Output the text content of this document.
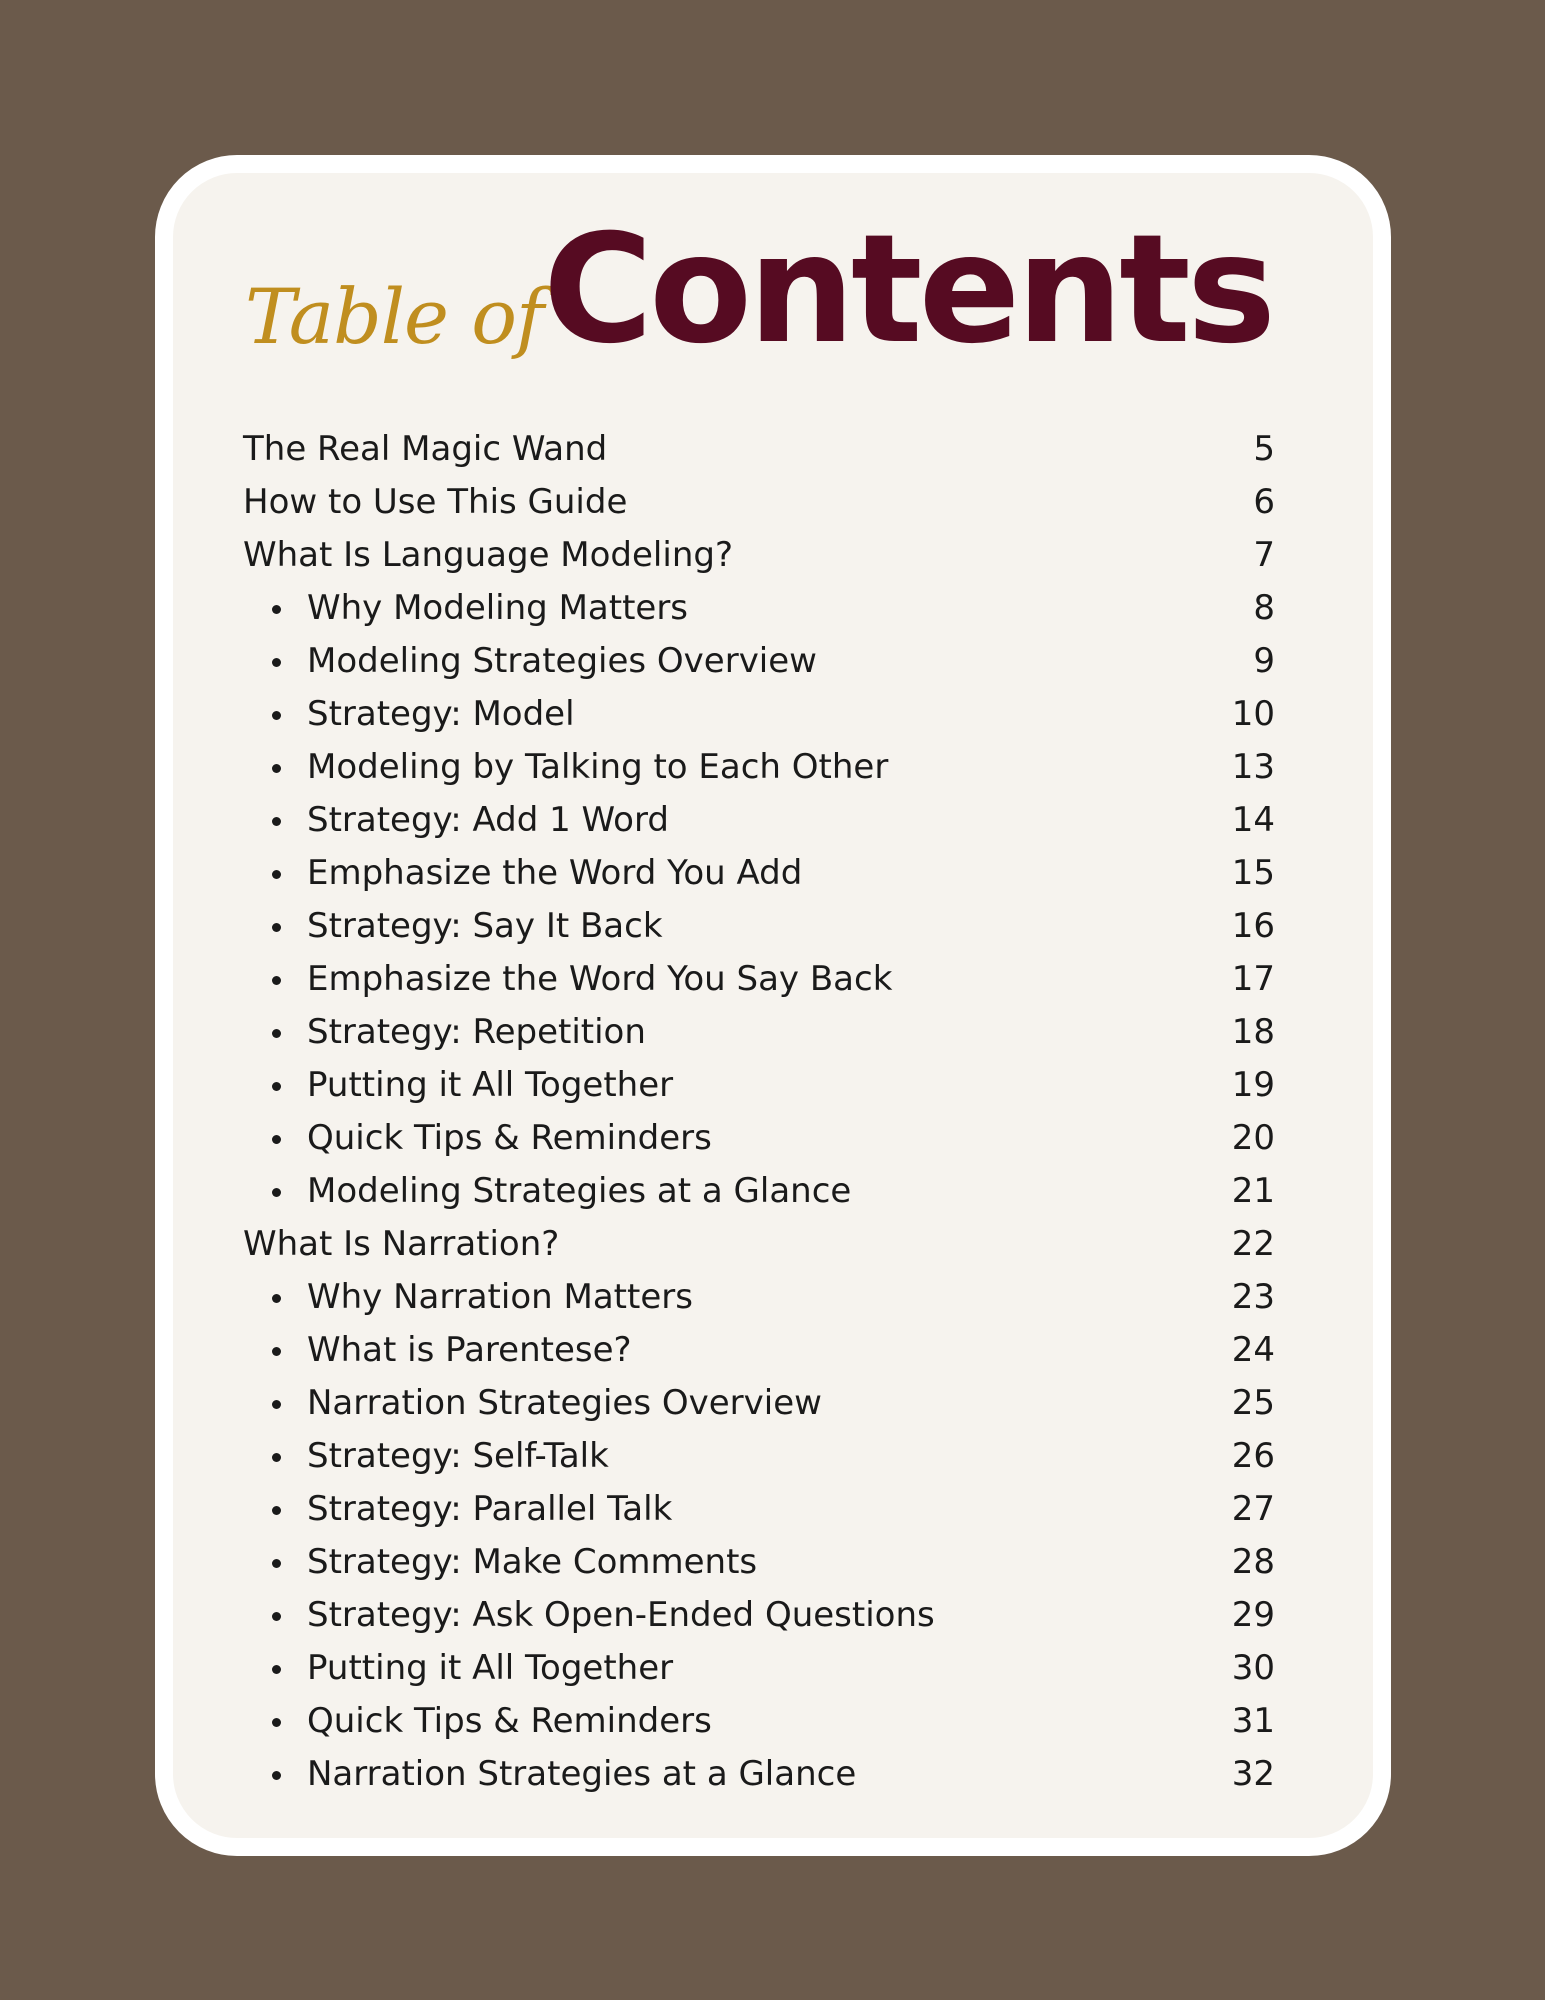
Table of Contents
The Real Magic Wand	5
How to Use This Guide	6
What Is Language Modeling?	7
Why Modeling Matters	8
Modeling Strategies Overview	9
Strategy: Model	10
Modeling by Talking to Each Other	13
Strategy: Add 1 Word	14
Emphasize the Word You Add	15
Strategy: Say It Back	16
Emphasize the Word You Say Back	17
Strategy: Repetition	18
Putting it All Together	19
Quick Tips & Reminders	20
Modeling Strategies at a Glance	21
What Is Narration?	22
Why Narration Matters	23
What is Parentese?	24
Narration Strategies Overview	25
Strategy: Self-Talk	26
Strategy: Parallel Talk	27
Strategy: Make Comments	28
Strategy: Ask Open-Ended Questions	29
Putting it All Together	30
Quick Tips & Reminders	31
Narration Strategies at a Glance	32
